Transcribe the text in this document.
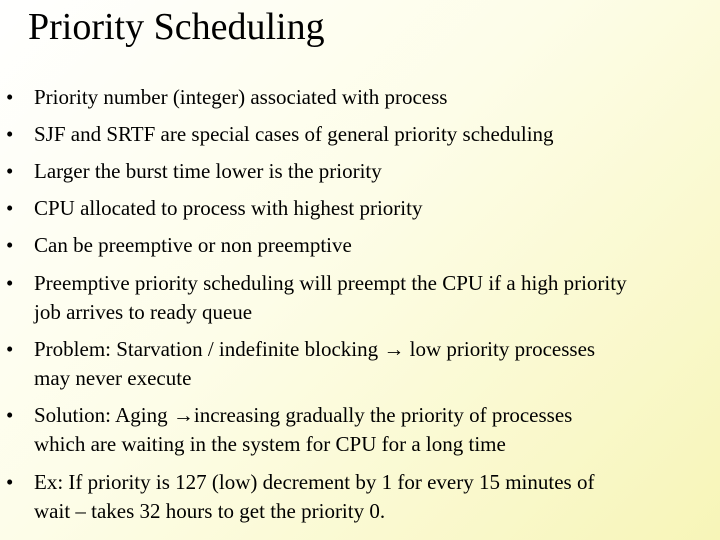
Priority Scheduling
• Priority number (integer) associated with process
• SJF and SRTF are special cases of general priority scheduling
• Larger the burst time lower is the priority
• CPU allocated to process with highest priority
• Can be preemptive or non preemptive
• Preemptive priority scheduling will preempt the CPU if a high priority
job arrives to ready queue
• Problem: Starvation / indefinite blocking → low priority processes
may never execute
• Solution: Aging →increasing gradually the priority of processes
which are waiting in the system for CPU for a long time
• Ex: If priority is 127 (low) decrement by 1 for every 15 minutes of
wait – takes 32 hours to get the priority 0.
